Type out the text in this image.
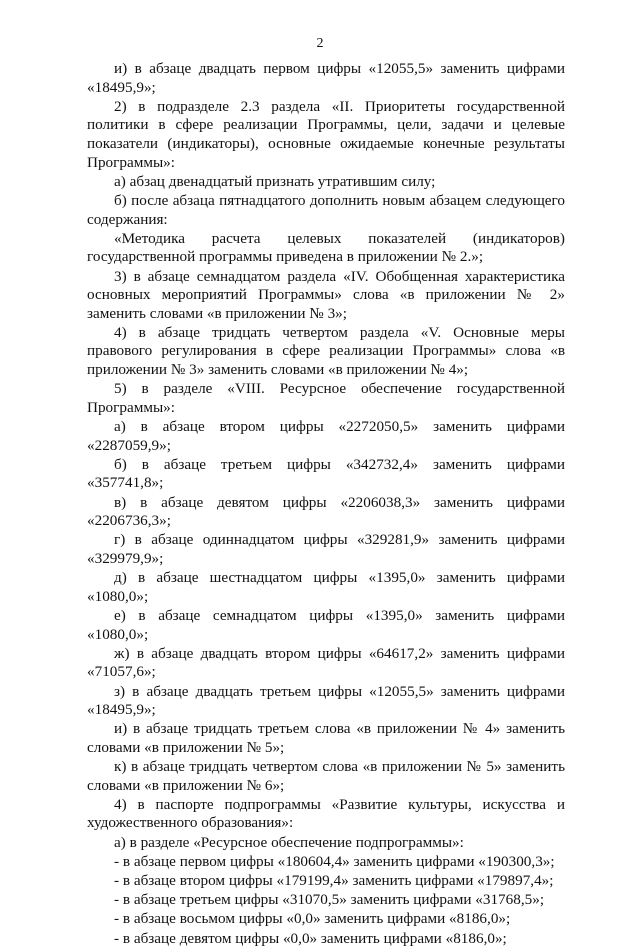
2

и) в абзаце двадцать первом цифры «12055,5» заменить цифрами «18495,9»;

2) в подразделе 2.3 раздела «II. Приоритеты государственной политики в сфере реализации Программы, цели, задачи и целевые показатели (индикаторы), основные ожидаемые конечные результаты Программы»:

а) абзац двенадцатый признать утратившим силу;

б) после абзаца пятнадцатого дополнить новым абзацем следующего содержания:

«Методика расчета целевых показателей (индикаторов) государственной программы приведена в приложении № 2.»;

3) в абзаце семнадцатом раздела «IV. Обобщенная характеристика основных мероприятий Программы» слова «в приложении № 2» заменить словами «в приложении № 3»;

4) в абзаце тридцать четвертом раздела «V. Основные меры правового регулирования в сфере реализации Программы» слова «в приложении № 3» заменить словами «в приложении № 4»;

5) в разделе «VIII. Ресурсное обеспечение государственной Программы»:

а) в абзаце втором цифры «2272050,5» заменить цифрами «2287059,9»;

б) в абзаце третьем цифры «342732,4» заменить цифрами «357741,8»;

в) в абзаце девятом цифры «2206038,3» заменить цифрами «2206736,3»;

г) в абзаце одиннадцатом цифры «329281,9» заменить цифрами «329979,9»;

д) в абзаце шестнадцатом цифры «1395,0» заменить цифрами «1080,0»;

е) в абзаце семнадцатом цифры «1395,0» заменить цифрами «1080,0»;

ж) в абзаце двадцать втором цифры «64617,2» заменить цифрами «71057,6»;

з) в абзаце двадцать третьем цифры «12055,5» заменить цифрами «18495,9»;

и) в абзаце тридцать третьем слова «в приложении № 4» заменить словами «в приложении № 5»;

к) в абзаце тридцать четвертом слова «в приложении № 5» заменить словами «в приложении № 6»;

4) в паспорте подпрограммы «Развитие культуры, искусства и художественного образования»:

а) в разделе «Ресурсное обеспечение подпрограммы»:

- в абзаце первом цифры «180604,4» заменить цифрами «190300,3»;

- в абзаце втором цифры «179199,4» заменить цифрами «179897,4»;

- в абзаце третьем цифры «31070,5» заменить цифрами «31768,5»;

- в абзаце восьмом цифры «0,0» заменить цифрами «8186,0»;

- в абзаце девятом цифры «0,0» заменить цифрами «8186,0»;
